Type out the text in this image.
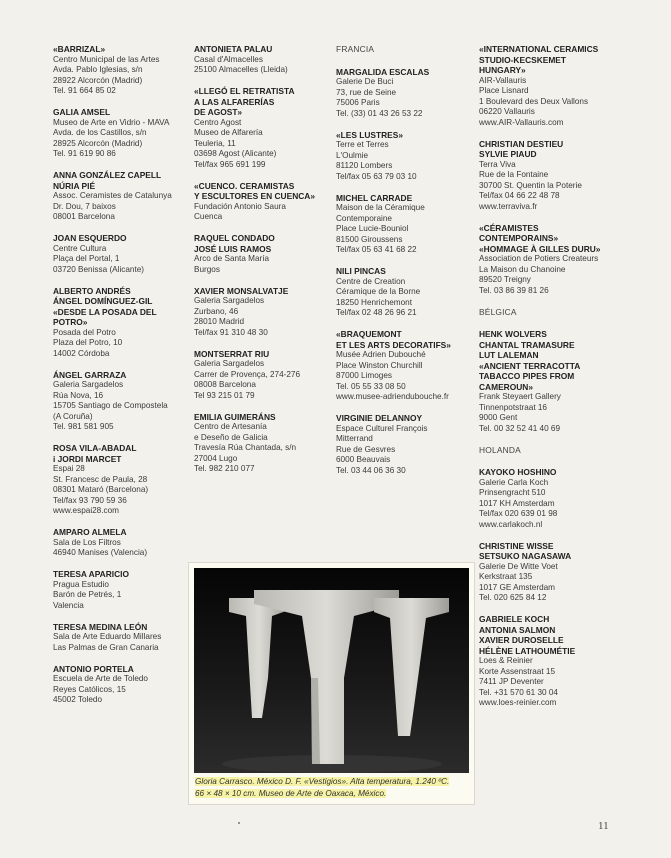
«BARRIZAL»
Centro Municipal de las Artes
Avda. Pablo Iglesias, s/n
28922 Alcorcón (Madrid)
Tel. 91 664 85 02
GALIA AMSEL
Museo de Arte en Vidrio - MAVA
Avda. de los Castillos, s/n
28925 Alcorcón (Madrid)
Tel. 91 619 90 86
ANNA GONZÁLEZ CAPELL
NÚRIA PIÉ
Assoc. Ceramistes de Catalunya
Dr. Dou, 7 baixos
08001 Barcelona
JOAN ESQUERDO
Centre Cultura
Plaça del Portal, 1
03720 Benissa (Alicante)
ALBERTO ANDRÉS
ÁNGEL DOMÍNGUEZ-GIL
«DESDE LA POSADA DEL
POTRO»
Posada del Potro
Plaza del Potro, 10
14002 Córdoba
ÁNGEL GARRAZA
Galeria Sargadelos
Rúa Nova, 16
15705 Santiago de Compostela
(A Coruña)
Tel. 981 581 905
ROSA VILA-ABADAL
i JORDI MARCET
Espai 28
St. Francesc de Paula, 28
08301 Mataró (Barcelona)
Tel/fax 93 790 59 36
www.espai28.com
AMPARO ALMELA
Sala de Los Filtros
46940 Manises (Valencia)
TERESA APARICIO
Pragua Estudio
Barón de Petrés, 1
Valencia
TERESA MEDINA LEÓN
Sala de Arte Eduardo Millares
Las Palmas de Gran Canaria
ANTONIO PORTELA
Escuela de Arte de Toledo
Reyes Católicos, 15
45002 Toledo
ANTONIETA PALAU
Casal d'Almacelles
25100 Almacelles (Lleida)
«LLEGÓ EL RETRATISTA
A LAS ALFARERÍAS
DE AGOST»
Centro Agost
Museo de Alfarería
Teuleria, 11
03698 Agost (Alicante)
Tel/fax 965 691 199
«CUENCO. CERAMISTAS
Y ESCULTORES EN CUENCA»
Fundación Antonio Saura
Cuenca
RAQUEL CONDADO
JOSÉ LUIS RAMOS
Arco de Santa María
Burgos
XAVIER MONSALVATJE
Galeria Sargadelos
Zurbano, 46
28010 Madrid
Tel/fax 91 310 48 30
MONTSERRAT RIU
Galeria Sargadelos
Carrer de Provença, 274-276
08008 Barcelona
Tel 93 215 01 79
EMILIA GUIMERÁNS
Centro de Artesanía
e Deseño de Galicia
Travesía Rúa Chantada, s/n
27004 Lugo
Tel. 982 210 077
FRANCIA
MARGALIDA ESCALAS
Galerie De Buci
73, rue de Seine
75006 Paris
Tel. (33) 01 43 26 53 22
«LES LUSTRES»
Terre et Terres
L'Oulmie
81120 Lombers
Tel/fax 05 63 79 03 10
MICHEL CARRADE
Maison de la Céramique
Contemporaine
Place Lucie-Bouniol
81500 Giroussens
Tel/fax 05 63 41 68 22
NILI PINCAS
Centre de Creation
Céramique de la Borne
18250 Henrichemont
Tel/fax 02 48 26 96 21
«BRAQUEMONT
ET LES ARTS DECORATIFS»
Musée Adrien Dubouché
Place Winston Churchill
87000 Limoges
Tel. 05 55 33 08 50
www.musee-adriendubouche.fr
VIRGINIE DELANNOY
Espace Culturel François
Mitterrand
Rue de Gesvres
6000 Beauvais
Tel. 03 44 06 36 30
«INTERNATIONAL CERAMICS
STUDIO-KECSKEMET
HUNGARY»
AIR-Vallauris
Place Lisnard
1 Boulevard des Deux Vallons
06220 Vallauris
www.AIR-Vallauris.com
CHRISTIAN DESTIEU
SYLVIE PIAUD
Terra Viva
Rue de la Fontaine
30700 St. Quentin la Poterie
Tel/fax 04 66 22 48 78
www.terraviva.fr
«CÉRAMISTES
CONTEMPORAINS»
«HOMMAGE À GILLES DURU»
Association de Potiers Createurs
La Maison du Chanoine
89520 Treigny
Tel. 03 86 39 81 26
BÉLGICA
HENK WOLVERS
CHANTAL TRAMASURE
LUT LALEMAN
«ANCIENT TERRACOTTA
TABACCO PIPES FROM
CAMEROUN»
Frank Steyaert Gallery
Tinnenpotstraat 16
9000 Gent
Tel. 00 32 52 41 40 69
HOLANDA
KAYOKO HOSHINO
Galerie Carla Koch
Prinsengracht 510
1017 KH Amsterdam
Tel/fax 020 639 01 98
www.carlakoch.nl
CHRISTINE WISSE
SETSUKO NAGASAWA
Galerie De Witte Voet
Kerkstraat 135
1017 GE Amsterdam
Tel. 020 625 84 12
GABRIELE KOCH
ANTONIA SALMON
XAVIER DUROSELLE
HÉLÈNE LATHOUMÉTIE
Loes & Reinier
Korte Assenstraat 15
7411 JP Deventer
Tel. +31 570 61 30 04
www.loes-reinier.com
Gloria Carrasco. México D. F. «Vestigios». Alta temperatura, 1.240 ºC.
66 × 48 × 10 cm. Museo de Arte de Oaxaca, México.
11
